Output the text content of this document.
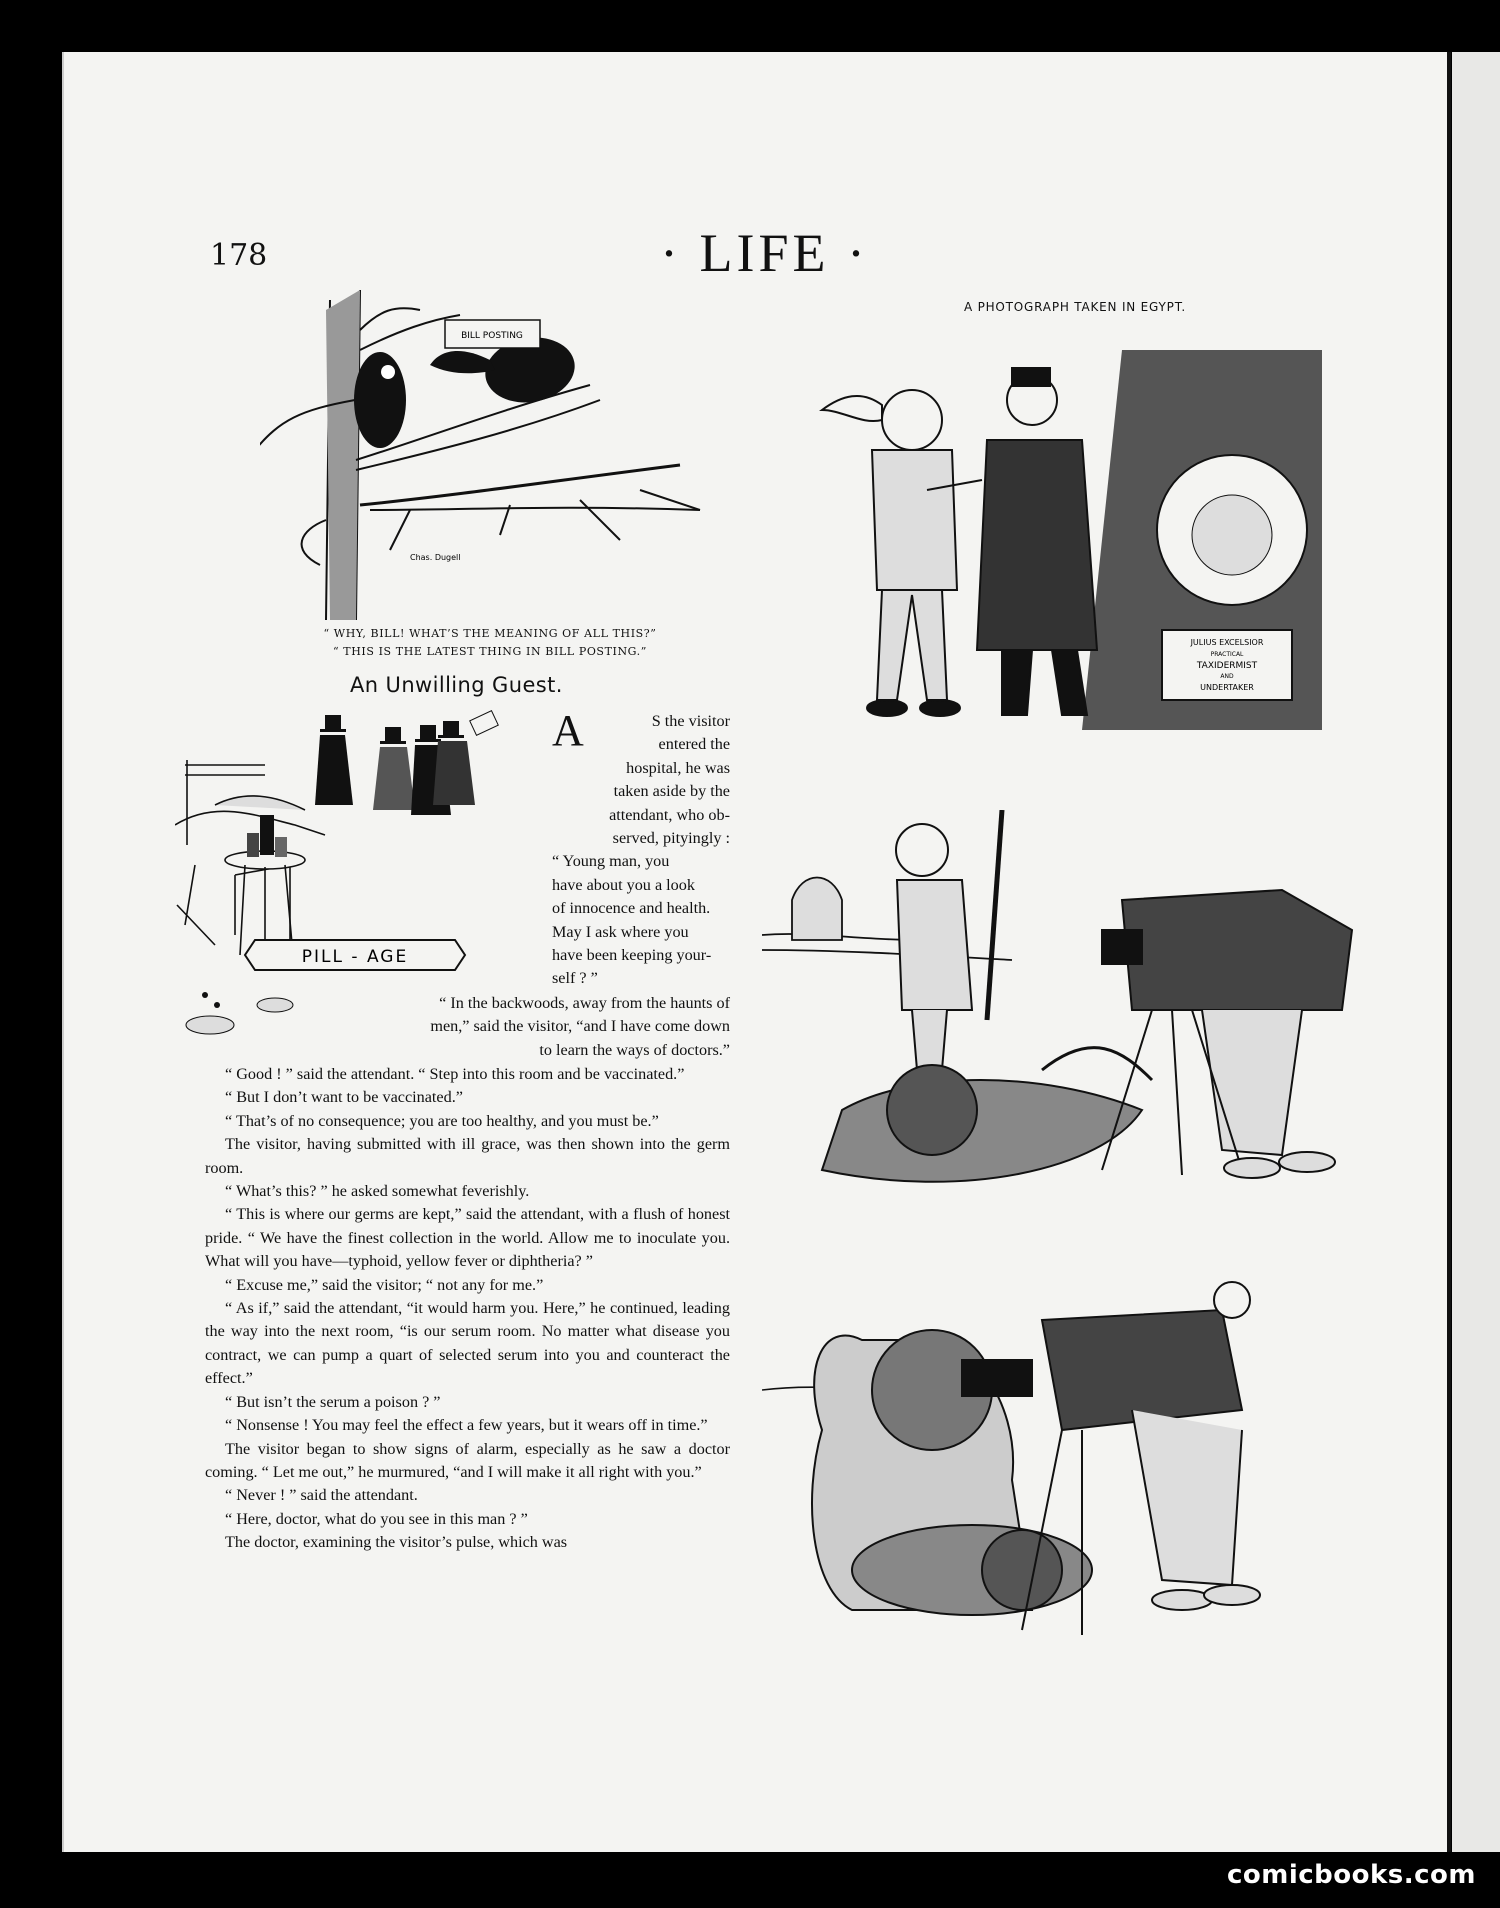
178	· LIFE ·
BILL POSTING
Chas. Dugell
“ WHY, BILL! WHAT’S THE MEANING OF ALL THIS?”
“ THIS IS THE LATEST THING IN BILL POSTING.”
An Unwilling Guest.
PILL - AGE
A	S the visitor
entered the
hospital, he was
taken aside by the
attendant, who ob-
served, pityingly :
“ Young man, you
have about you a look
of innocence and health.
May I ask where you
have been keeping your-
self ? ”
“ In the backwoods, away from the haunts of
men,” said the visitor, “and I have come down
to learn the ways of doctors.”

“ Good ! ” said the attendant. “ Step into this room and be vaccinated.”

“ But I don’t want to be vaccinated.”

“ That’s of no consequence; you are too healthy, and you must be.”

The visitor, having submitted with ill grace, was then shown into the germ room.

“ What’s this? ” he asked somewhat feverishly.

“ This is where our germs are kept,” said the attendant, with a flush of honest pride. “ We have the finest collection in the world. Allow me to inoculate you. What will you have—typhoid, yellow fever or diphtheria? ”

“ Excuse me,” said the visitor; “ not any for me.”

“ As if,” said the attendant, “it would harm you. Here,” he continued, leading the way into the next room, “is our serum room. No matter what disease you contract, we can pump a quart of selected serum into you and counteract the effect.”

“ But isn’t the serum a poison ? ”

“ Nonsense ! You may feel the effect a few years, but it wears off in time.”

The visitor began to show signs of alarm, especially as he saw a doctor coming. “ Let me out,” he murmured, “and I will make it all right with you.”

“ Never ! ” said the attendant.

“ Here, doctor, what do you see in this man ? ”

The doctor, examining the visitor’s pulse, which was

A PHOTOGRAPH TAKEN IN EGYPT.
JULIUS EXCELSIOR
PRACTICAL
TAXIDERMIST
AND
UNDERTAKER
comicbooks.com
